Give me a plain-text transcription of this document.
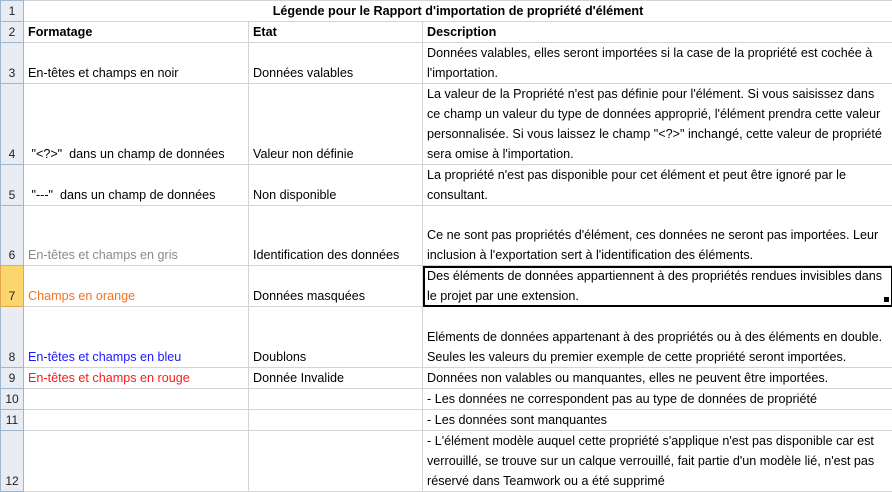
1	Légende pour le Rapport d'importation de propriété d'élément		
2	Formatage	Etat	Description
3	En-têtes et champs en noir	Données valables	Données valables, elles seront importées si la case de la propriété est cochée à l'importation.
4	"<?>"  dans un champ de données	Valeur non définie	La valeur de la Propriété n'est pas définie pour l'élément. Si vous saisissez dans ce champ un valeur du type de données approprié, l'élément prendra cette valeur personnalisée. Si vous laissez le champ "<?>" inchangé, cette valeur de propriété sera omise à l'importation.
5	"---"  dans un champ de données	Non disponible	La propriété n'est pas disponible pour cet élément et peut être ignoré par le consultant.
6	En-têtes et champs en gris	Identification des données	Ce ne sont pas propriétés d'élément, ces données ne seront pas importées. Leur inclusion à l'exportation sert à l'identification des éléments.
7	Champs en orange	Données masquées	Des éléments de données appartiennent à des propriétés rendues invisibles dans le projet par une extension.
8	En-têtes et champs en bleu	Doublons	Eléments de données appartenant à des propriétés ou à des éléments en double. Seules les valeurs du premier exemple de cette propriété seront importées.
9	En-têtes et champs en rouge	Donnée Invalide	Données non valables ou manquantes, elles ne peuvent être importées.
10			- Les données ne correspondent pas au type de données de propriété
11			- Les données sont manquantes
12			- L'élément modèle auquel cette propriété s'applique n'est pas disponible car est verrouillé, se trouve sur un calque verrouillé, fait partie d'un modèle lié, n'est pas réservé dans Teamwork ou a été supprimé
